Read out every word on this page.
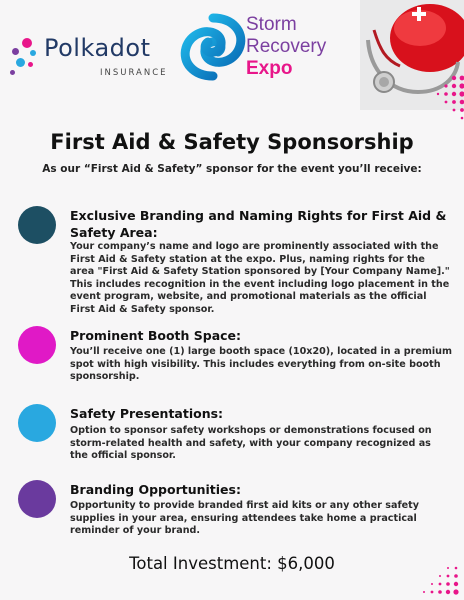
Polkadot
INSURANCE
Storm
Recovery
Expo
First Aid & Safety Sponsorship
As our “First Aid & Safety” sponsor for the event you’ll receive:
Exclusive Branding and Naming Rights for First Aid & Safety Area:
Your company’s name and logo are prominently associated with the First Aid & Safety station at the expo. Plus, naming rights for the area "First Aid & Safety Station sponsored by [Your Company Name]." This includes recognition in the event including logo placement in the event program, website, and promotional materials as the official First Aid & Safety sponsor.
Prominent Booth Space:
You’ll receive one (1) large booth space (10x20), located in a premium spot with high visibility. This includes everything from on-site booth sponsorship.
Safety Presentations:
Option to sponsor safety workshops or demonstrations focused on storm-related health and safety, with your company recognized as the official sponsor.
Branding Opportunities:
Opportunity to provide branded first aid kits or any other safety supplies in your area, ensuring attendees take home a practical reminder of your brand.
Total Investment: $6,000
